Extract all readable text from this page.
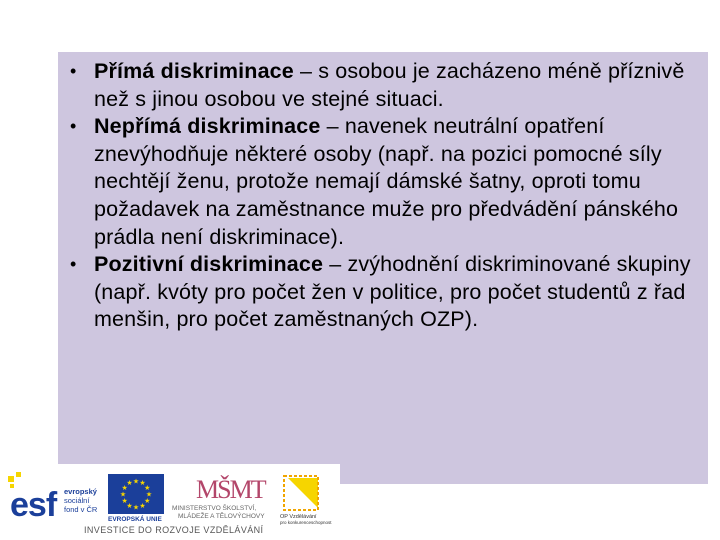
• Přímá diskriminace – s osobou je zacházeno méně příznivě než s jinou osobou ve stejné situaci.
• Nepřímá diskriminace – navenek neutrální opatření znevýhodňuje některé osoby (např. na pozici pomocné síly nechtějí ženu, protože nemají dámské šatny, oproti tomu požadavek na zaměstnance muže pro předvádění pánského prádla není diskriminace).
• Pozitivní diskriminace – zvýhodnění diskriminované skupiny (např. kvóty pro počet žen v politice, pro počet studentů z řad menšin, pro počet zaměstnaných OZP).
esf evropský
sociální
fond v ČR
★ ★
★
★
★
★
★
★
★
★
★
★
EVROPSKÁ UNIE
MŠMT
MINISTERSTVO ŠKOLSTVÍ,
MLÁDEŽE A TĚLOVÝCHOVY	OP Vzdělávání
pro konkurenceschopnost
INVESTICE DO ROZVOJE VZDĚLÁVÁNÍ
